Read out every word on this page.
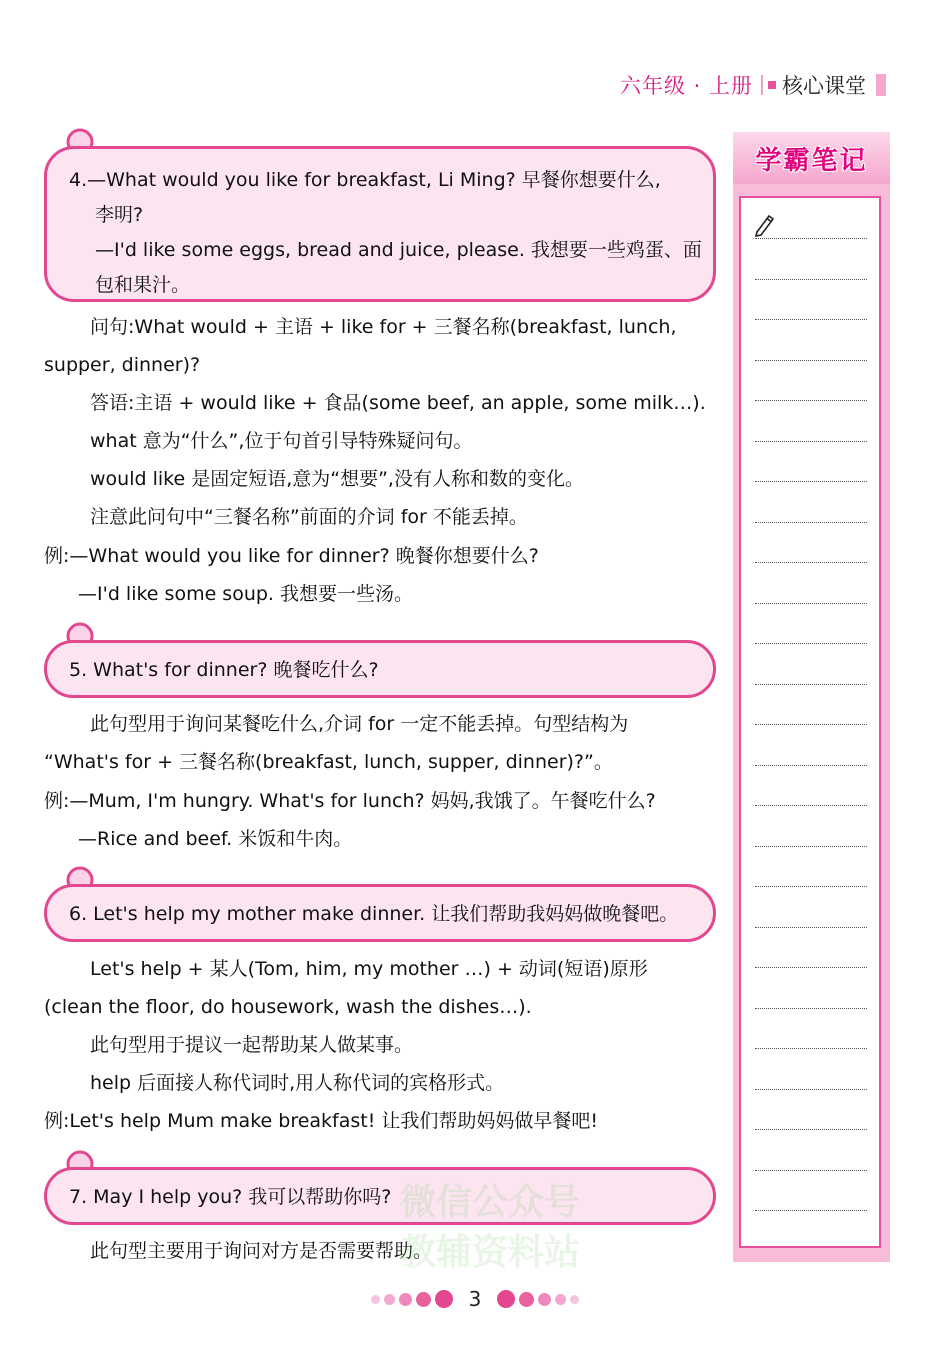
六年级 · 上册 核心课堂

4.—What would you like for breakfast, Li Ming? 早餐你想要什么,

李明?

—I'd like some eggs, bread and juice, please. 我想要一些鸡蛋、面

包和果汁。

问句:What would + 主语 + like for + 三餐名称(breakfast, lunch,
supper, dinner)?
答语:主语 + would like + 食品(some beef, an apple, some milk…).
what 意为“什么”,位于句首引导特殊疑问句。
would like 是固定短语,意为“想要”,没有人称和数的变化。
注意此问句中“三餐名称”前面的介词 for 不能丢掉。
例:—What would you like for dinner? 晚餐你想要什么?
—I'd like some soup. 我想要一些汤。

5. What's for dinner? 晚餐吃什么?

此句型用于询问某餐吃什么,介词 for 一定不能丢掉。句型结构为
“What's for + 三餐名称(breakfast, lunch, supper, dinner)?”。
例:—Mum, I'm hungry. What's for lunch? 妈妈,我饿了。午餐吃什么?
—Rice and beef. 米饭和牛肉。

6. Let's help my mother make dinner. 让我们帮助我妈妈做晚餐吧。

Let's help + 某人(Tom, him, my mother …) + 动词(短语)原形
(clean the floor, do housework, wash the dishes…).
此句型用于提议一起帮助某人做某事。
help 后面接人称代词时,用人称代词的宾格形式。
例:Let's help Mum make breakfast! 让我们帮助妈妈做早餐吧!

7. May I help you? 我可以帮助你吗?

此句型主要用于询问对方是否需要帮助。
微信公众号
教辅资料站
学霸笔记
3
